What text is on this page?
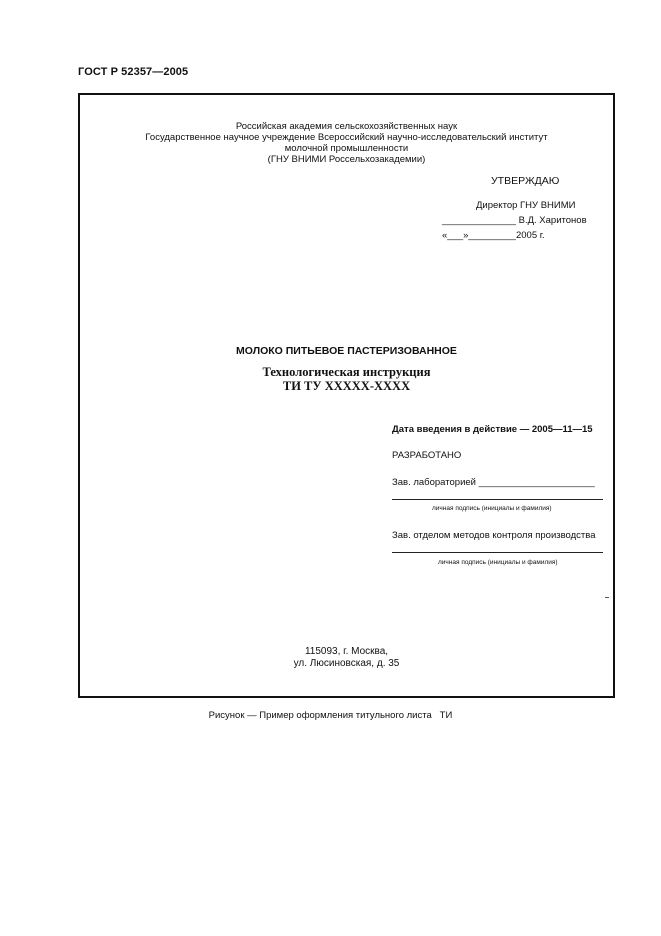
ГОСТ Р 52357—2005
Российская академия сельскохозяйственных наук
Государственное научное учреждение Всероссийский научно-исследовательский институт
молочной промышленности
(ГНУ ВНИМИ Россельхозакадемии)
УТВЕРЖДАЮ
Директор ГНУ ВНИМИ
______________ В.Д. Харитонов
«___»_________2005 г.
МОЛОКО ПИТЬЕВОЕ ПАСТЕРИЗОВАННОЕ
Технологическая инструкция
ТИ ТУ ХХХХХ-ХХХХ
Дата введения в действие — 2005—11—15
РАЗРАБОТАНО
Зав. лабораторией ______________________
личная подпись (инициалы и фамилия)
Зав. отделом методов контроля производства
личная подпись (инициалы и фамилия)
115093, г. Москва,
ул. Люсиновская, д. 35
Рисунок — Пример оформления титульного листа   ТИ
